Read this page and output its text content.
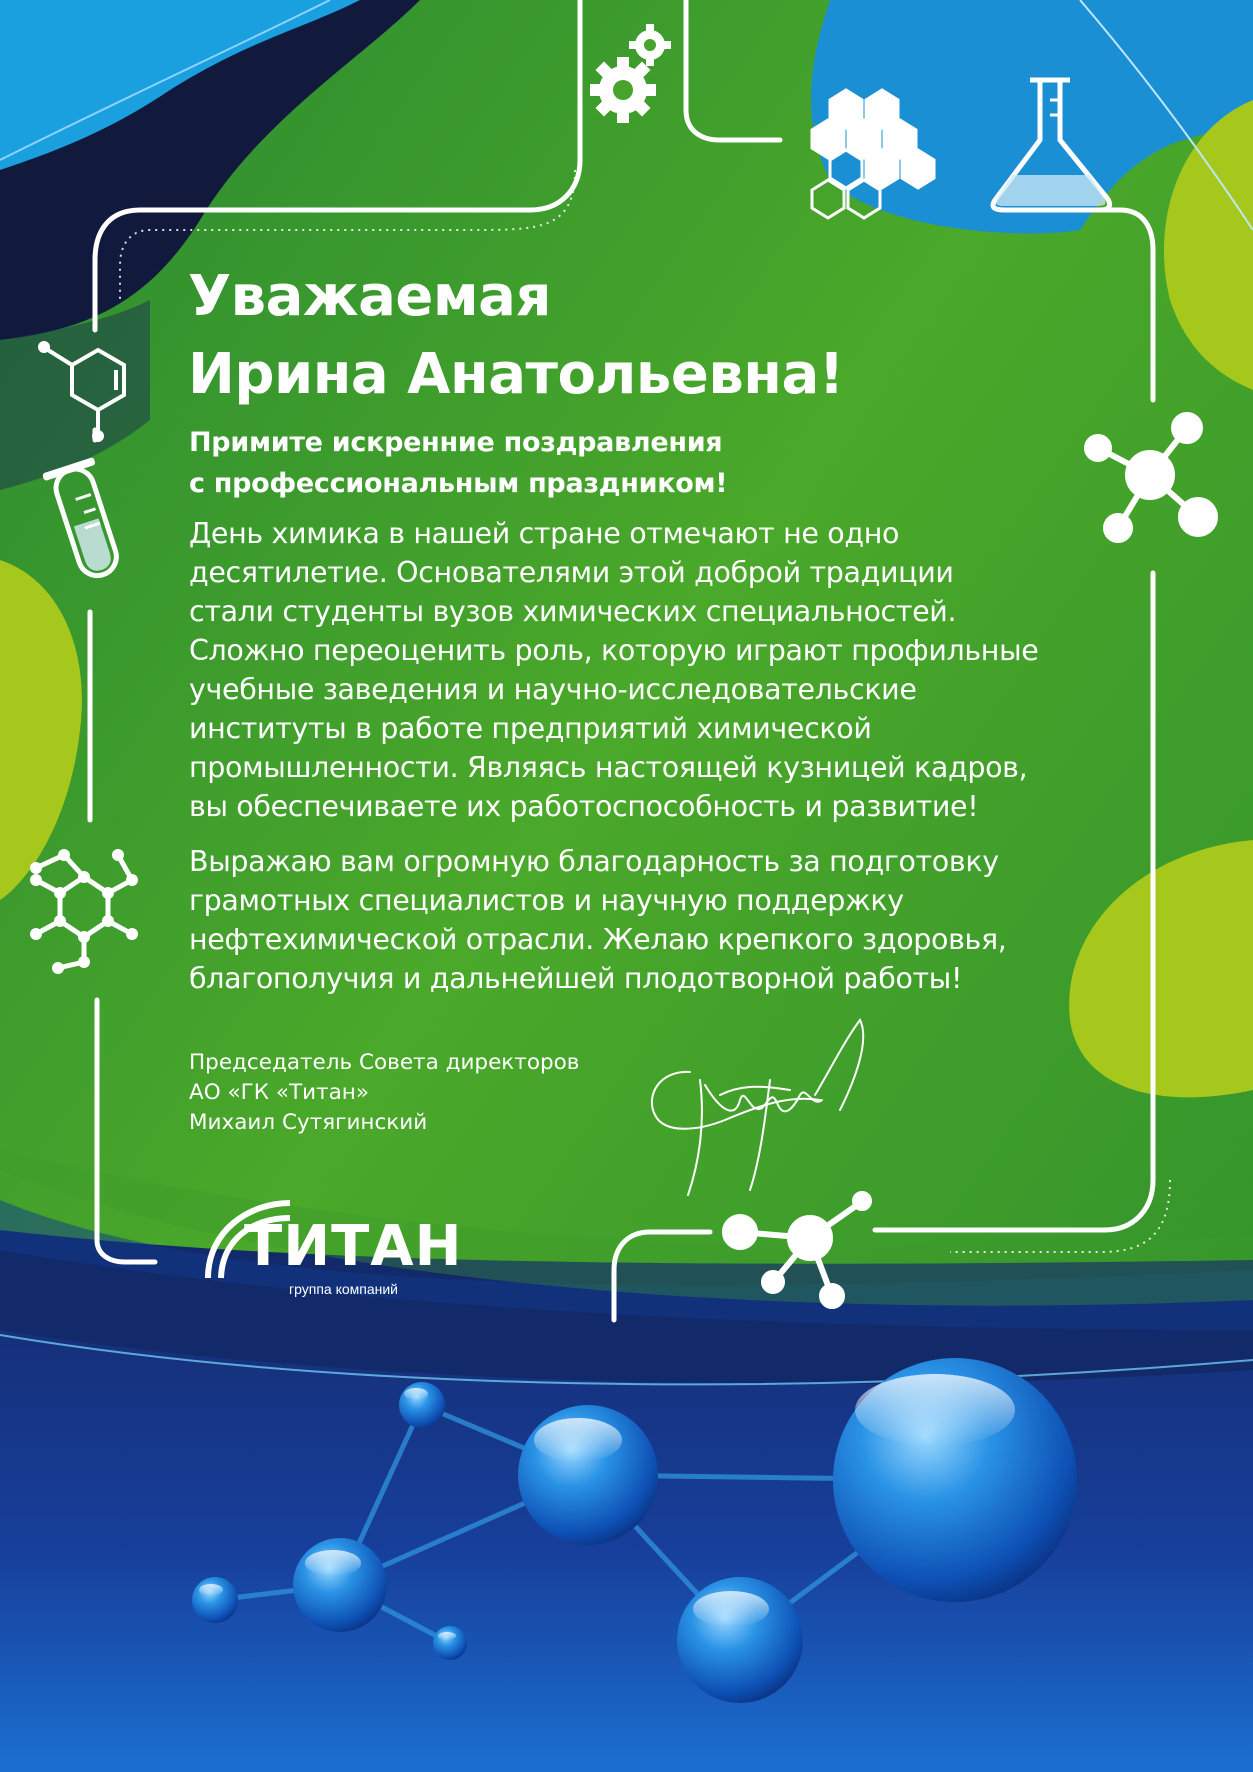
Уважаемая
Ирина Анатольевна!
Примите искренние поздравления
с профессиональным праздником!
День химика в нашей стране отмечают не одно
десятилетие. Основателями этой доброй традиции
стали студенты вузов химических специальностей.
Сложно переоценить роль, которую играют профильные
учебные заведения и научно-исследовательские
институты в работе предприятий химической
промышленности. Являясь настоящей кузницей кадров,
вы обеспечиваете их работоспособность и развитие!
Выражаю вам огромную благодарность за подготовку
грамотных специалистов и научную поддержку
нефтехимической отрасли. Желаю крепкого здоровья,
благополучия и дальнейшей плодотворной работы!
Председатель Совета директоров
АО «ГК «Титан»
Михаил Сутягинский
ТИТАН
группа компаний
